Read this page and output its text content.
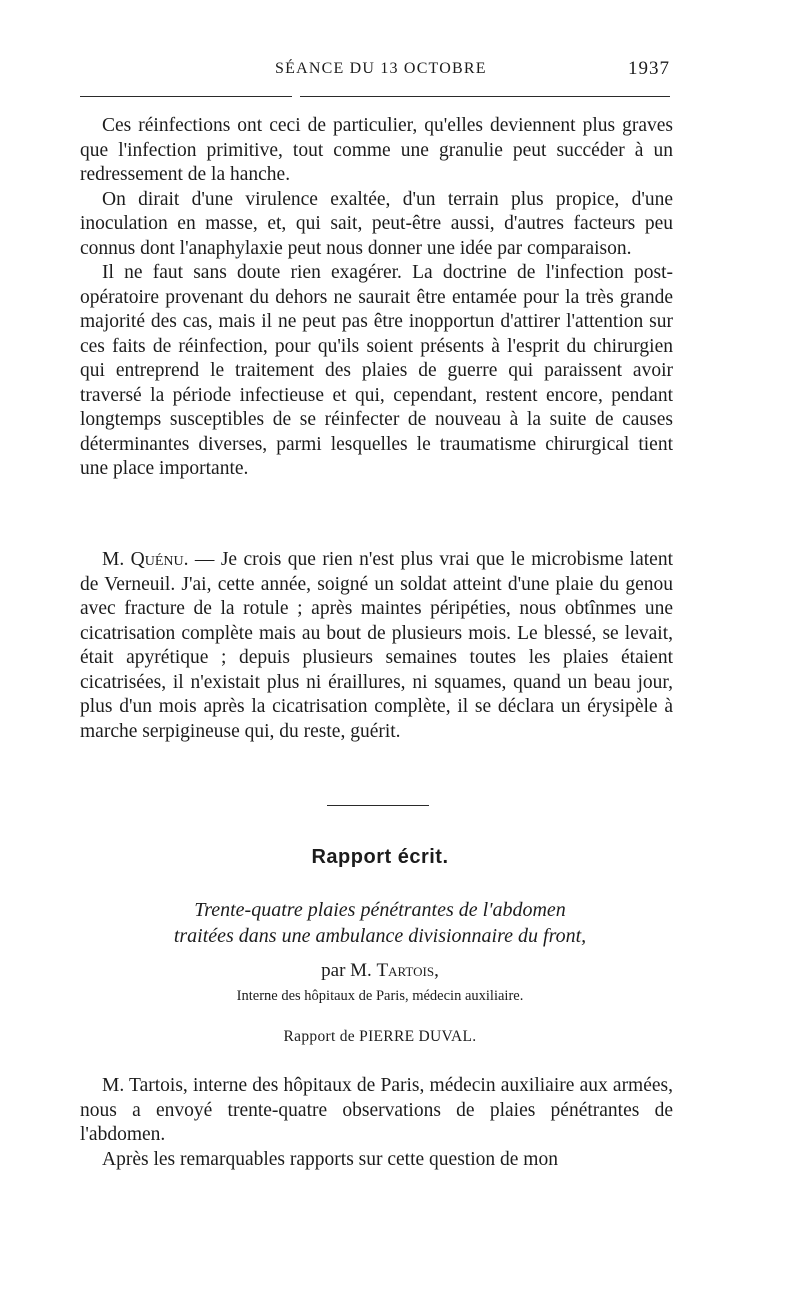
SÉANCE DU 13 OCTOBRE	1937

Ces réinfections ont ceci de particulier, qu'elles deviennent plus graves que l'infection primitive, tout comme une granulie peut succéder à un redressement de la hanche.

On dirait d'une virulence exaltée, d'un terrain plus propice, d'une inoculation en masse, et, qui sait, peut-être aussi, d'autres facteurs peu connus dont l'anaphylaxie peut nous donner une idée par comparaison.

Il ne faut sans doute rien exagérer. La doctrine de l'infection post-opératoire provenant du dehors ne saurait être entamée pour la très grande majorité des cas, mais il ne peut pas être inopportun d'attirer l'attention sur ces faits de réinfection, pour qu'ils soient présents à l'esprit du chirurgien qui entreprend le traitement des plaies de guerre qui paraissent avoir traversé la période infectieuse et qui, cependant, restent encore, pendant longtemps susceptibles de se réinfecter de nouveau à la suite de causes déterminantes diverses, parmi lesquelles le traumatisme chirurgical tient une place importante.

M. Quénu. — Je crois que rien n'est plus vrai que le microbisme latent de Verneuil. J'ai, cette année, soigné un soldat atteint d'une plaie du genou avec fracture de la rotule ; après maintes péripéties, nous obtînmes une cicatrisation complète mais au bout de plusieurs mois. Le blessé, se levait, était apyrétique ; depuis plusieurs semaines toutes les plaies étaient cicatrisées, il n'existait plus ni éraillures, ni squames, quand un beau jour, plus d'un mois après la cicatrisation complète, il se déclara un érysipèle à marche serpigineuse qui, du reste, guérit.

Rapport écrit.
Trente-quatre plaies pénétrantes de l'abdomen
traitées dans une ambulance divisionnaire du front,
par M. Tartois,
Interne des hôpitaux de Paris, médecin auxiliaire.
Rapport de PIERRE DUVAL.

M. Tartois, interne des hôpitaux de Paris, médecin auxiliaire aux armées, nous a envoyé trente-quatre observations de plaies pénétrantes de l'abdomen.

Après les remarquables rapports sur cette question de mon
